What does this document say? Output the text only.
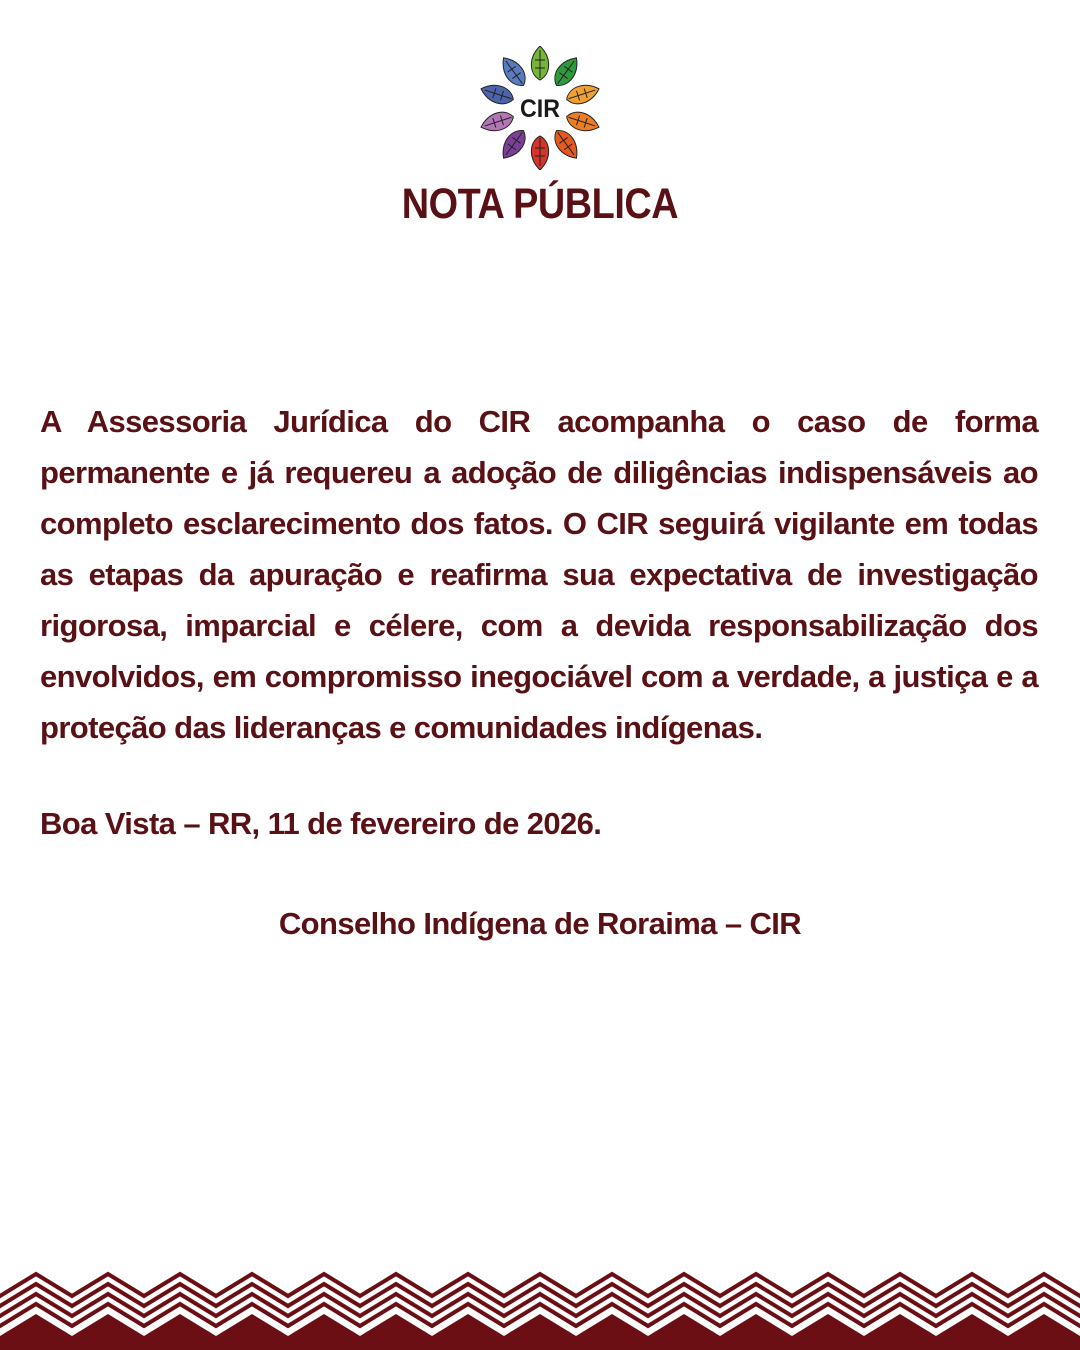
CIR
NOTA PÚBLICA

A Assessoria Jurídica do CIR acompanha o caso de forma permanente e já requereu a adoção de diligências indispensáveis ao completo esclarecimento dos fatos. O CIR seguirá vigilante em todas as etapas da apuração e reafirma sua expectativa de investigação rigorosa, imparcial e célere, com a devida responsabilização dos envolvidos, em compromisso inegociável com a verdade, a justiça e a proteção das lideranças e comunidades indígenas.

Boa Vista – RR, 11 de fevereiro de 2026.
Conselho Indígena de Roraima – CIR
